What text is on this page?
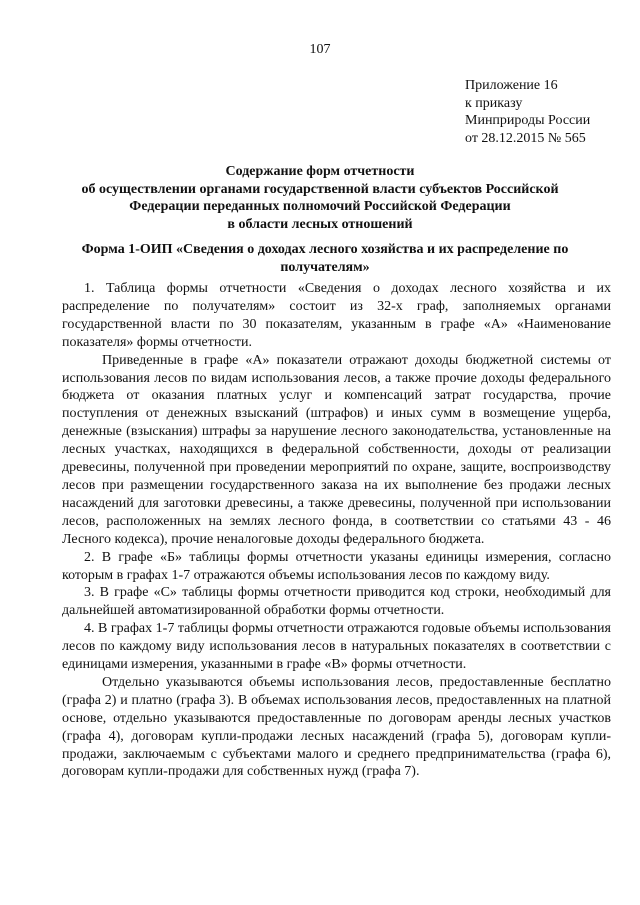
107
Приложение 16
к приказу
Минприроды России
от 28.12.2015 № 565
Содержание форм отчетности
об осуществлении органами государственной власти субъектов Российской
Федерации переданных полномочий Российской Федерации
в области лесных отношений
Форма 1-ОИП «Сведения о доходах лесного хозяйства и их распределение по получателям»

1. Таблица формы отчетности «Сведения о доходах лесного хозяйства и их распределение по получателям» состоит из 32-х граф, заполняемых органами государственной власти по 30 показателям, указанным в графе «А» «Наименование показателя» формы отчетности.

Приведенные в графе «А» показатели отражают доходы бюджетной системы от использования лесов по видам использования лесов, а также прочие доходы федерального бюджета от оказания платных услуг и компенсаций затрат государства, прочие поступления от денежных взысканий (штрафов) и иных сумм в возмещение ущерба, денежные (взыскания) штрафы за нарушение лесного законодательства, установленные на лесных участках, находящихся в федеральной собственности, доходы от реализации древесины, полученной при проведении мероприятий по охране, защите, воспроизводству лесов при размещении государственного заказа на их выполнение без продажи лесных насаждений для заготовки древесины, а также древесины, полученной при использовании лесов, расположенных на землях лесного фонда, в соответствии со статьями 43 - 46 Лесного кодекса), прочие неналоговые доходы федерального бюджета.

2. В графе «Б» таблицы формы отчетности указаны единицы измерения, согласно которым в графах 1-7 отражаются объемы использования лесов по каждому виду.

3. В графе «С» таблицы формы отчетности приводится код строки, необходимый для дальнейшей автоматизированной обработки формы отчетности.

4. В графах 1-7 таблицы формы отчетности отражаются годовые объемы использования лесов по каждому виду использования лесов в натуральных показателях в соответствии с единицами измерения, указанными в графе «В» формы отчетности.

Отдельно указываются объемы использования лесов, предоставленные бесплатно (графа 2) и платно (графа 3). В объемах использования лесов, предоставленных на платной основе, отдельно указываются предоставленные по договорам аренды лесных участков (графа 4), договорам купли-продажи лесных насаждений (графа 5), договорам купли-продажи, заключаемым с субъектами малого и среднего предпринимательства (графа 6), договорам купли-продажи для собственных нужд (графа 7).
